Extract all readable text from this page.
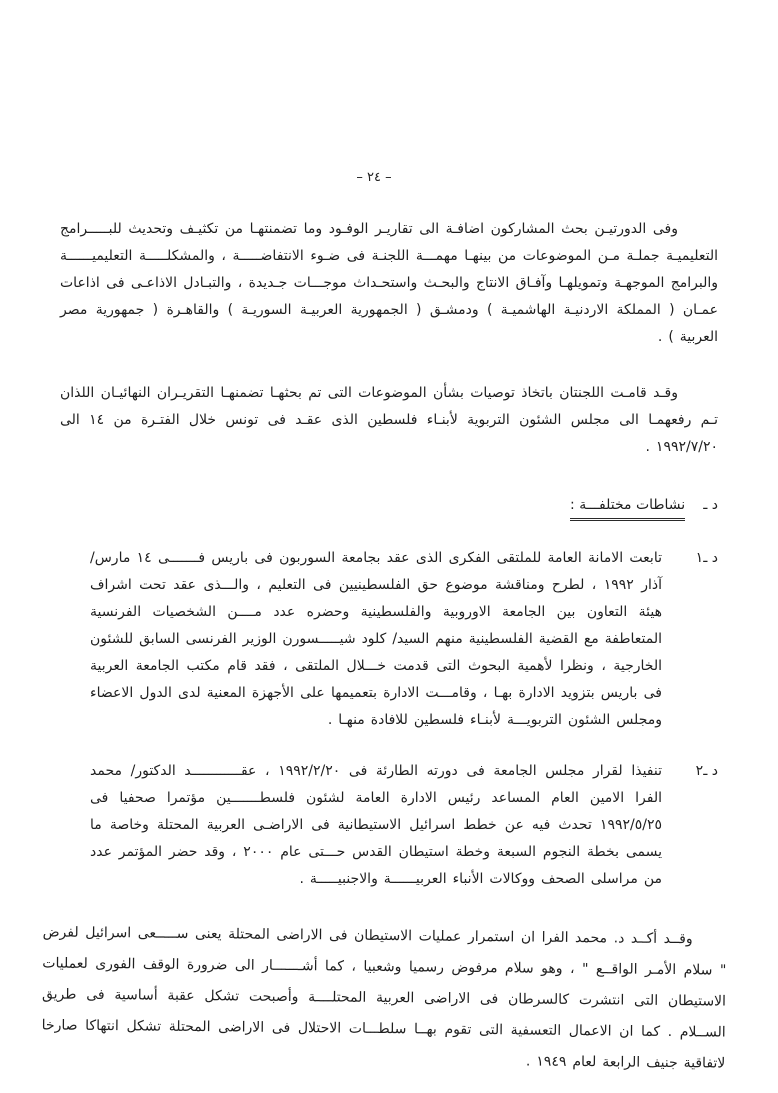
– ٢٤ –

وفى الدورتيـن بحث المشاركون اضافـة الى تقاريـر الوفـود وما تضمنتهـا من تكثيـف وتحديث للبـــــرامج التعليميـة جملـة مـن الموضوعات من بينهـا مهمـــة اللجنـة فى ضـوء الانتفاضـــــة ، والمشكلـــــة التعليميــــــة والبرامج الموجهـة وتمويلهـا وآفـاق الانتاج والبحـث واستحـداث موجـــات جـديدة ، والتبـادل الاذاعـى فى اذاعات عمـان ( المملكة الاردنيـة الهاشميـة ) ودمشـق ( الجمهورية العربيـة السوريـة ) والقاهـرة ( جمهورية مصر العربية ) .

وقـد قامـت اللجنتان باتخاذ توصيات بشأن الموضوعات التى تم بحثهـا تضمنهـا التقريـران النهائيـان اللذان تـم رفعهمـا الى مجلس الشئون التربوية لأبنـاء فلسطين الذى عقـد فى تونس خلال الفتـرة من ١٤ الى ١٩٩٢/٧/٢٠ .

د ـ
نشاطات مختلفـــة :
د ـ١

تابعت الامانة العامة للملتقى الفكرى الذى عقد بجامعة السوربون فى باريس فـــــــى ١٤ مارس/آذار ١٩٩٢ ، لطرح ومناقشة موضوع حق الفلسطينيين فى التعليم ، والـــذى عقد تحت اشراف هيئة التعاون بين الجامعة الاوروبية والفلسطينية وحضره عدد مــــن الشخصيات الفرنسية المتعاطفة مع القضية الفلسطينية منهم السيد/ كلود شيـــــسورن الوزير الفرنسى السابق للشئون الخارجية ، ونظرا لأهمية البحوث التى قدمت خـــلال الملتقى ، فقد قام مكتب الجامعة العربية فى باريس بتزويد الادارة بهـا ، وقامـــت الادارة بتعميمها على الأجهزة المعنية لدى الدول الاعضاء ومجلس الشئون التربويـــة لأبنـاء فلسطين للافادة منهـا .

د ـ٢

تنفيذا لقرار مجلس الجامعة فى دورته الطارئة فى ١٩٩٢/٢/٢٠ ، عقــــــــــــد الدكتور/ محمد الفرا الامين العام المساعد رئيس الادارة العامة لشئون فلسطـــــــين مؤتمرا صحفيا فى ١٩٩٢/٥/٢٥ تحدث فيه عن خطط اسرائيل الاستيطانية فى الاراضـى العربية المحتلة وخاصة ما يسمى بخطة النجوم السبعة وخطة استيطان القدس حـــتى عام ٢٠٠٠ ، وقد حضر المؤتمر عدد من مراسلى الصحف ووكالات الأنباء العربيــــــة والاجنبيـــــة .

وقــد أكــد د. محمد الفرا ان استمرار عمليات الاستيطان فى الاراضى المحتلة يعنى ســـــعى اسرائيل لفرض " سلام الأمـر الواقــع " ، وهو سلام مرفوض رسميا وشعبيا ، كما أشـــــــار الى ضرورة الوقف الفورى لعمليات الاستيطان التى انتشرت كالسرطان فى الاراضى العربية المحتلــــة وأصبحت تشكل عقبة أساسية فى طريق الســلام . كما ان الاعمال التعسفية التى تقوم بهــا سلطـــات الاحتلال فى الاراضى المحتلة تشكل انتهاكا صارخا لاتفاقية جنيف الرابعة لعام ١٩٤٩ .
